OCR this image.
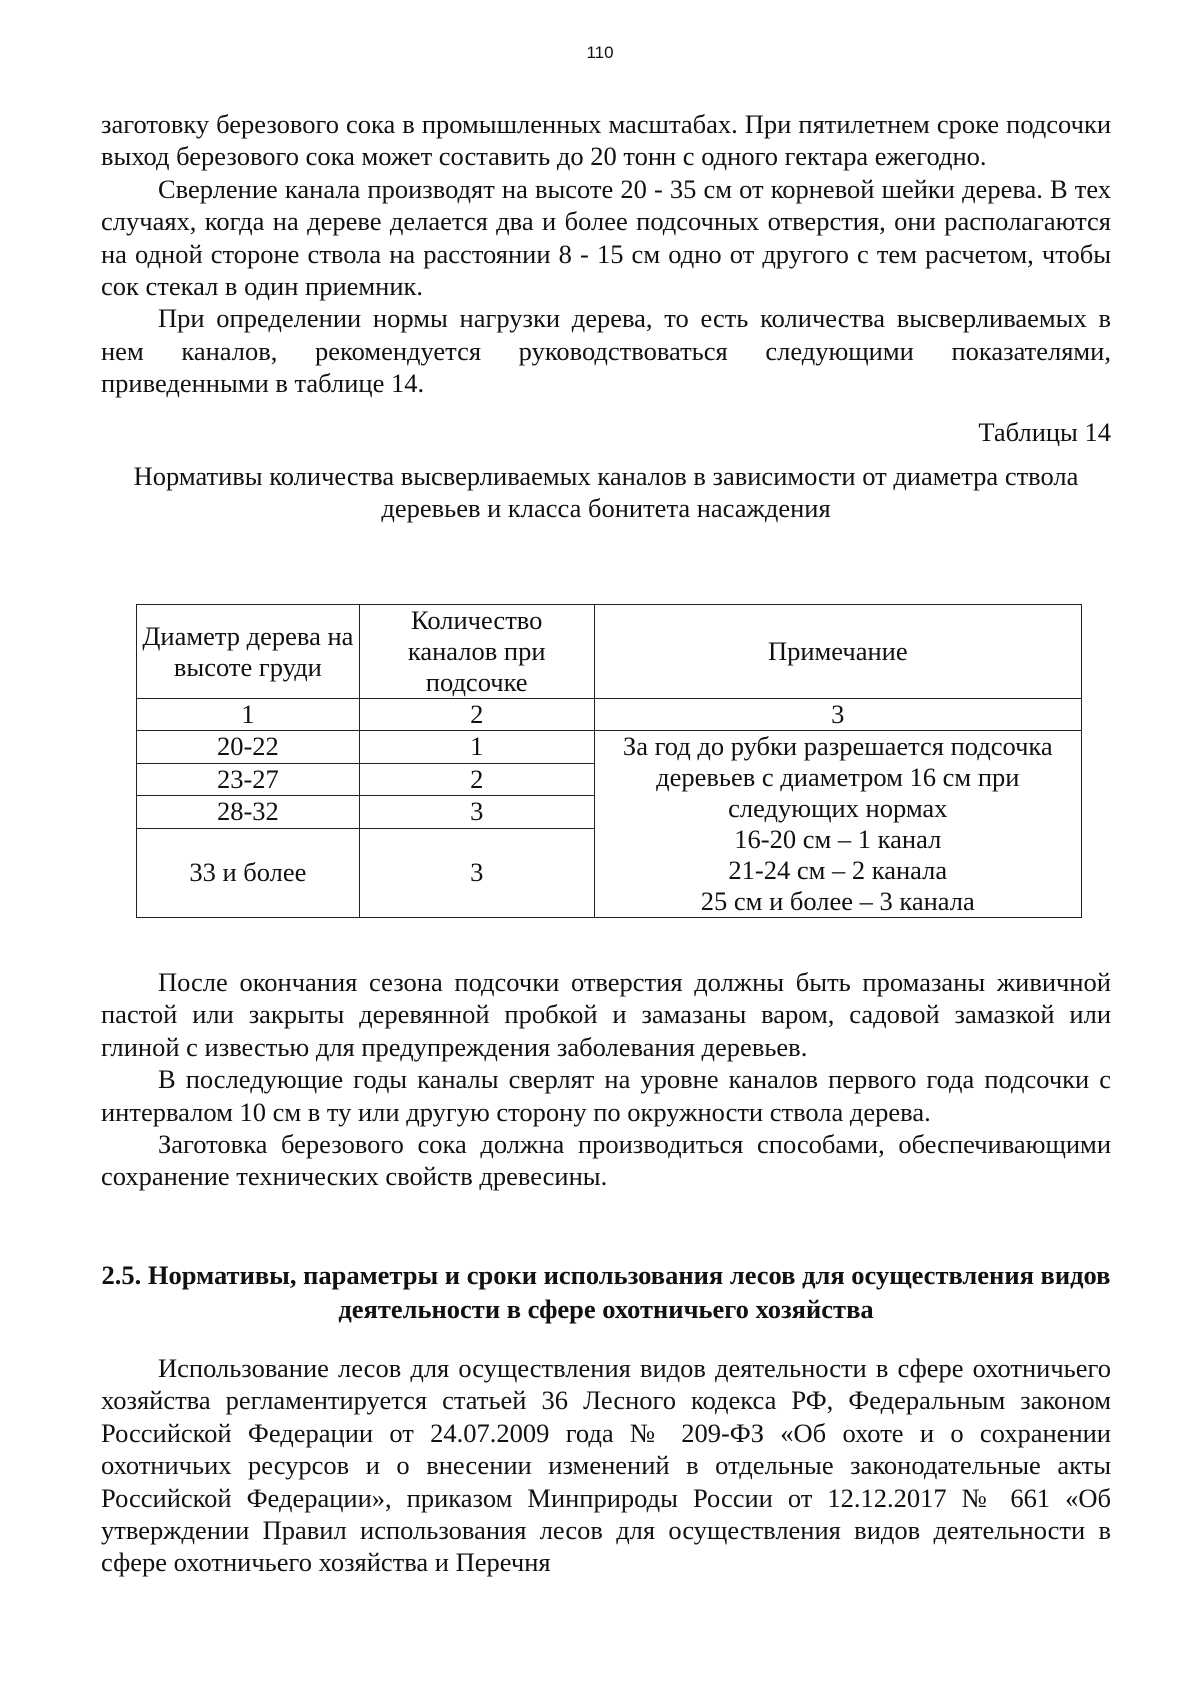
110

заготовку березового сока в промышленных масштабах. При пятилетнем сроке подсочки выход березового сока может составить до 20 тонн с одного гектара ежегодно.

Сверление канала производят на высоте 20 - 35 см от корневой шейки дерева. В тех случаях, когда на дереве делается два и более подсочных отверстия, они располагаются на одной стороне ствола на расстоянии 8 - 15 см одно от другого с тем расчетом, чтобы сок стекал в один приемник.

При определении нормы нагрузки дерева, то есть количества высверливаемых в нем каналов, рекомендуется руководствоваться следующими показателями, приведенными в таблице 14.

Таблицы 14
Нормативы количества высверливаемых каналов в зависимости от диаметра ствола деревьев и класса бонитета насаждения
Диаметр дерева на высоте груди	Количество каналов при подсочке	Примечание
1	2	3
20-22	1	За год до рубки разрешается подсочка деревьев с диаметром 16 см при следующих нормах
16-20 см – 1 канал
21-24 см – 2 канала
25 см и более – 3 канала

23-27	2	
28-32	3	
33 и более	3	

После окончания сезона подсочки отверстия должны быть промазаны живичной пастой или закрыты деревянной пробкой и замазаны варом, садовой замазкой или глиной с известью для предупреждения заболевания деревьев.

В последующие годы каналы сверлят на уровне каналов первого года подсочки с интервалом 10 см в ту или другую сторону по окружности ствола дерева.

Заготовка березового сока должна производиться способами, обеспечивающими сохранение технических свойств древесины.

2.5. Нормативы, параметры и сроки использования лесов для осуществления видов деятельности в сфере охотничьего хозяйства

Использование лесов для осуществления видов деятельности в сфере охотничьего хозяйства регламентируется статьей 36 Лесного кодекса РФ, Федеральным законом Российской Федерации от 24.07.2009 года № 209-ФЗ «Об охоте и о сохранении охотничьих ресурсов и о внесении изменений в отдельные законодательные акты Российской Федерации», приказом Минприроды России от 12.12.2017 № 661 «Об утверждении Правил использования лесов для осуществления видов деятельности в сфере охотничьего хозяйства и Перечня
